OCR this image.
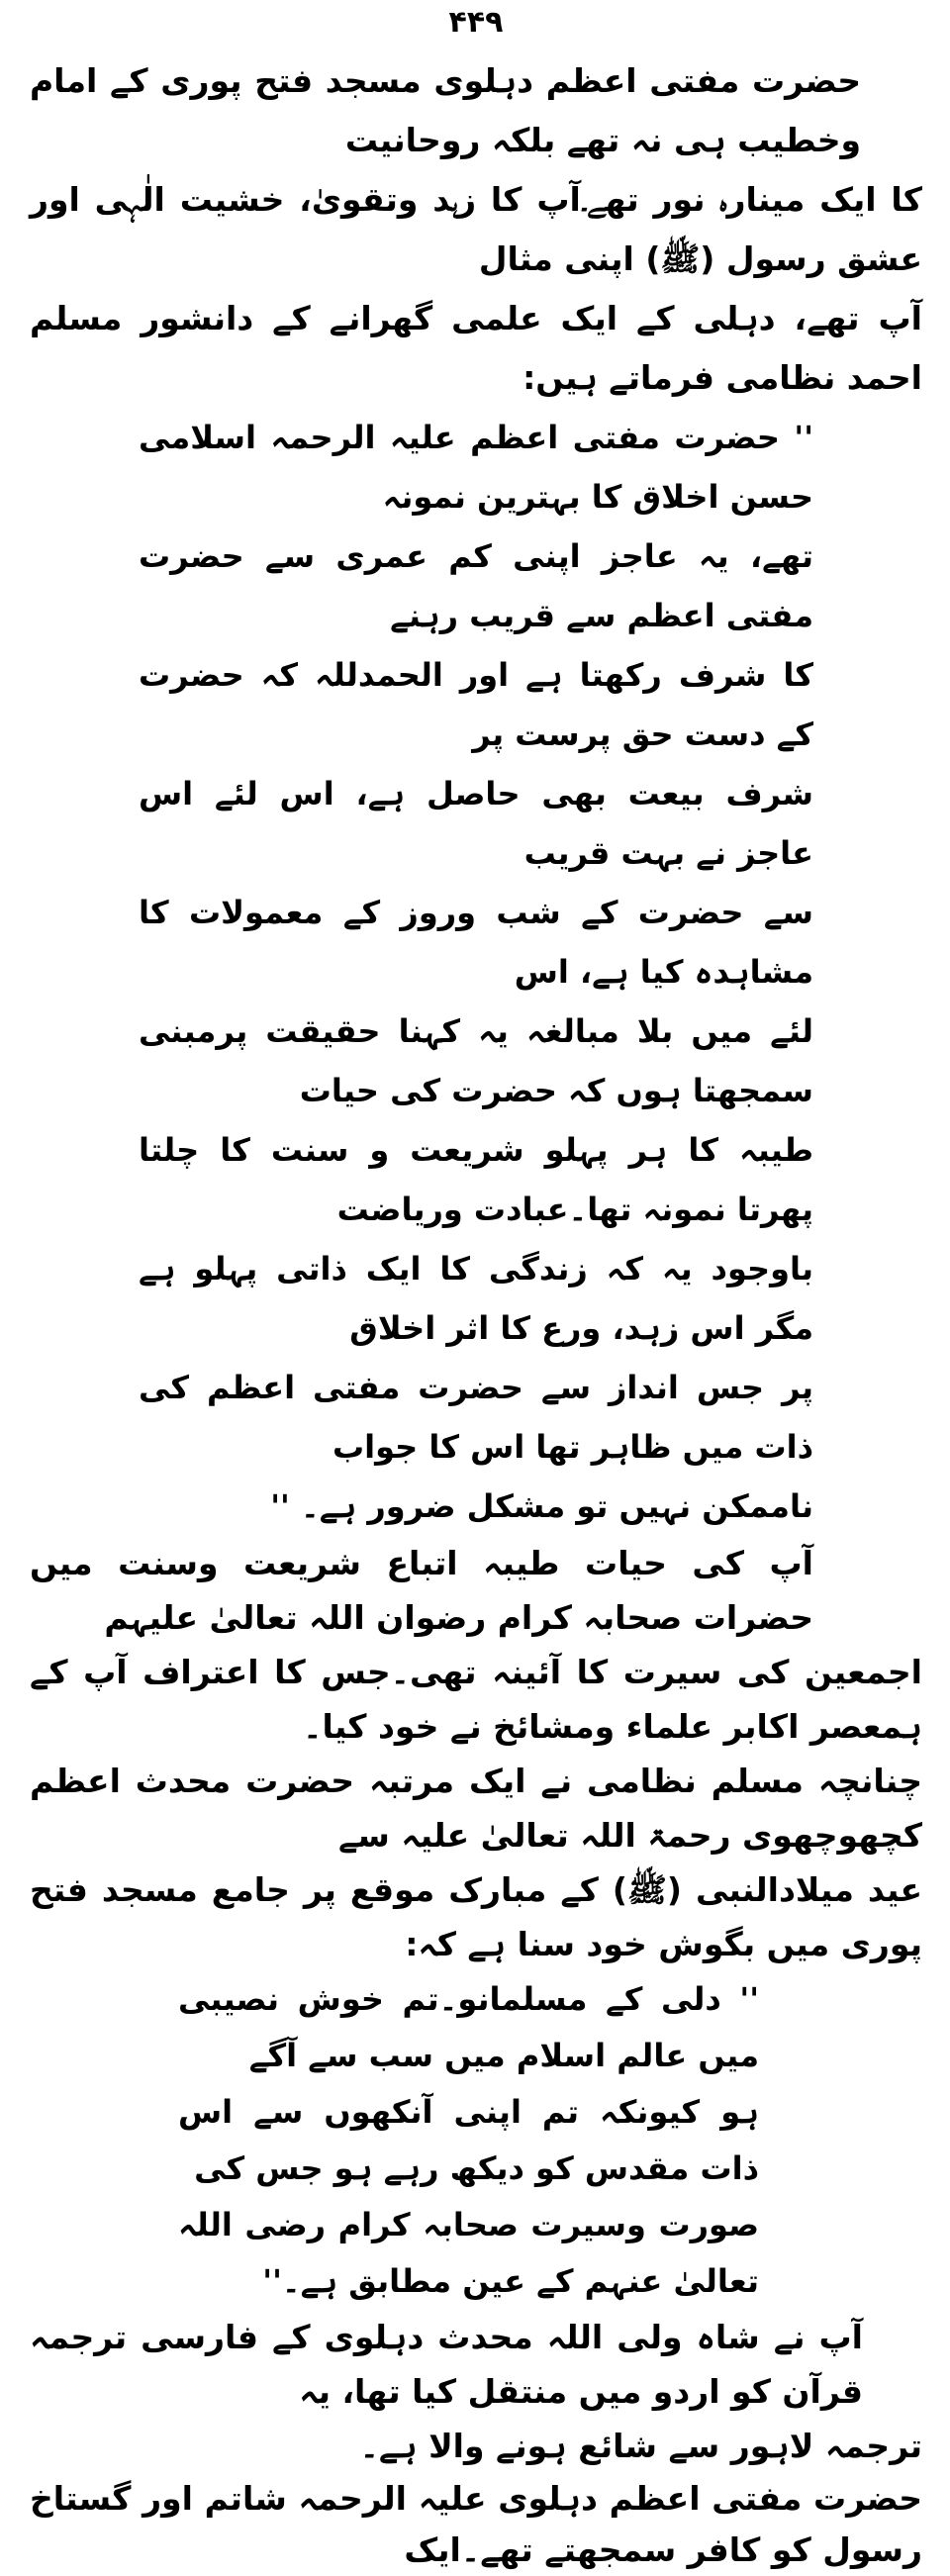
۴۴۹

حضرت مفتی اعظم دہلوی مسجد فتح پوری کے امام وخطیب ہی نہ تھے بلکہ روحانیت
کا ایک مینارہ نور تھے۔آپ کا زہد وتقویٰ، خشیت الٰہی اور عشق رسول (ﷺ) اپنی مثال
آپ تھے، دہلی کے ایک علمی گھرانے کے دانشور مسلم احمد نظامی فرماتے ہیں:

'' حضرت مفتی اعظم علیہ الرحمہ اسلامی حسن اخلاق کا بہترین نمونہ
تھے، یہ عاجز اپنی کم عمری سے حضرت مفتی اعظم سے قریب رہنے
کا شرف رکھتا ہے اور الحمدللہ کہ حضرت کے دست حق پرست پر
شرف بیعت بھی حاصل ہے، اس لئے اس عاجز نے بہت قریب
سے حضرت کے شب وروز کے معمولات کا مشاہدہ کیا ہے، اس
لئے میں بلا مبالغہ یہ کہنا حقیقت پرمبنی سمجھتا ہوں کہ حضرت کی حیات
طیبہ کا ہر پہلو شریعت و سنت کا چلتا پھرتا نمونہ تھا۔عبادت وریاضت
باوجود یہ کہ زندگی کا ایک ذاتی پہلو ہے مگر اس زہد، ورع کا اثر اخلاق
پر جس انداز سے حضرت مفتی اعظم کی ذات میں ظاہر تھا اس کا جواب
ناممکن نہیں تو مشکل ضرور ہے۔ ''

آپ کی حیات طیبہ اتباع شریعت وسنت میں حضرات صحابہ کرام رضوان اللہ تعالیٰ علیہم
اجمعین کی سیرت کا آئینہ تھی۔جس کا اعتراف آپ کے ہمعصر اکابر علماء ومشائخ نے خود کیا۔
چنانچہ مسلم نظامی نے ایک مرتبہ حضرت محدث اعظم کچھوچھوی رحمۃ اللہ تعالیٰ علیہ سے
عید میلادالنبی (ﷺ) کے مبارک موقع پر جامع مسجد فتح پوری میں بگوش خود سنا ہے کہ:

'' دلی کے مسلمانو۔تم خوش نصیبی میں عالم اسلام میں سب سے آگے
ہو کیونکہ تم اپنی آنکھوں سے اس ذات مقدس کو دیکھ رہے ہو جس کی
صورت وسیرت صحابہ کرام رضی اللہ تعالیٰ عنہم کے عین مطابق ہے۔''

آپ نے شاہ ولی اللہ محدث دہلوی کے فارسی ترجمہ قرآن کو اردو میں منتقل کیا تھا، یہ
ترجمہ لاہور سے شائع ہونے والا ہے۔

حضرت مفتی اعظم دہلوی علیہ الرحمہ شاتم اور گستاخ رسول کو کافر سمجھتے تھے۔ایک
